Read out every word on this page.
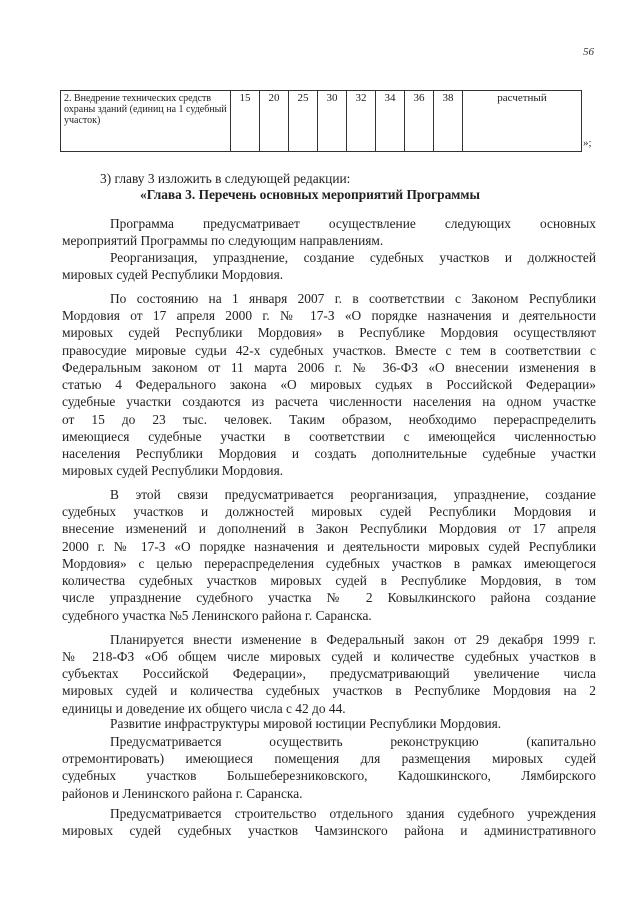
56
2. Внедрение технических средств охраны зданий (единиц на 1 судебный участок)	15	20	25	30	32	34	36	38	расчетный
»;
3) главу 3 изложить в следующей редакции:
«Глава 3. Перечень основных мероприятий Программы
Программа предусматривает осуществление следующих основных
мероприятий Программы по следующим направлениям.
Реорганизация, упразднение, создание судебных участков и должностей
мировых судей Республики Мордовия.
По состоянию на 1 января 2007 г. в соответствии с Законом Республики
Мордовия от 17 апреля 2000 г. № 17-З «О порядке назначения и деятельности
мировых судей Республики Мордовия» в Республике Мордовия осуществляют
правосудие мировые судьи 42-х судебных участков. Вместе с тем в соответствии с
Федеральным законом от 11 марта 2006 г. № 36-ФЗ «О внесении изменения в
статью 4 Федерального закона «О мировых судьях в Российской Федерации»
судебные участки создаются из расчета численности населения на одном участке
от 15 до 23 тыс. человек. Таким образом, необходимо перераспределить
имеющиеся судебные участки в соответствии с имеющейся численностью
населения Республики Мордовия и создать дополнительные судебные участки
мировых судей Республики Мордовия.
В этой связи предусматривается реорганизация, упразднение, создание
судебных участков и должностей мировых судей Республики Мордовия и
внесение изменений и дополнений в Закон Республики Мордовия от 17 апреля
2000 г. № 17-З «О порядке назначения и деятельности мировых судей Республики
Мордовия» с целью перераспределения судебных участков в рамках имеющегося
количества судебных участков мировых судей в Республике Мордовия, в том
числе упразднение судебного участка № 2 Ковылкинского района создание
судебного участка №5 Ленинского района г. Саранска.
Планируется внести изменение в Федеральный закон от 29 декабря 1999 г.
№ 218-ФЗ «Об общем числе мировых судей и количестве судебных участков в
субъектах Российской Федерации», предусматривающий увеличение числа
мировых судей и количества судебных участков в Республике Мордовия на 2
единицы и доведение их общего числа с 42 до 44.
Развитие инфраструктуры мировой юстиции Республики Мордовия.
Предусматривается осуществить реконструкцию (капитально
отремонтировать) имеющиеся помещения для размещения мировых судей
судебных участков Большеберезниковского, Кадошкинского, Лямбирского
районов и Ленинского района г. Саранска.
Предусматривается строительство отдельного здания судебного учреждения
мировых судей судебных участков Чамзинского района и административного
